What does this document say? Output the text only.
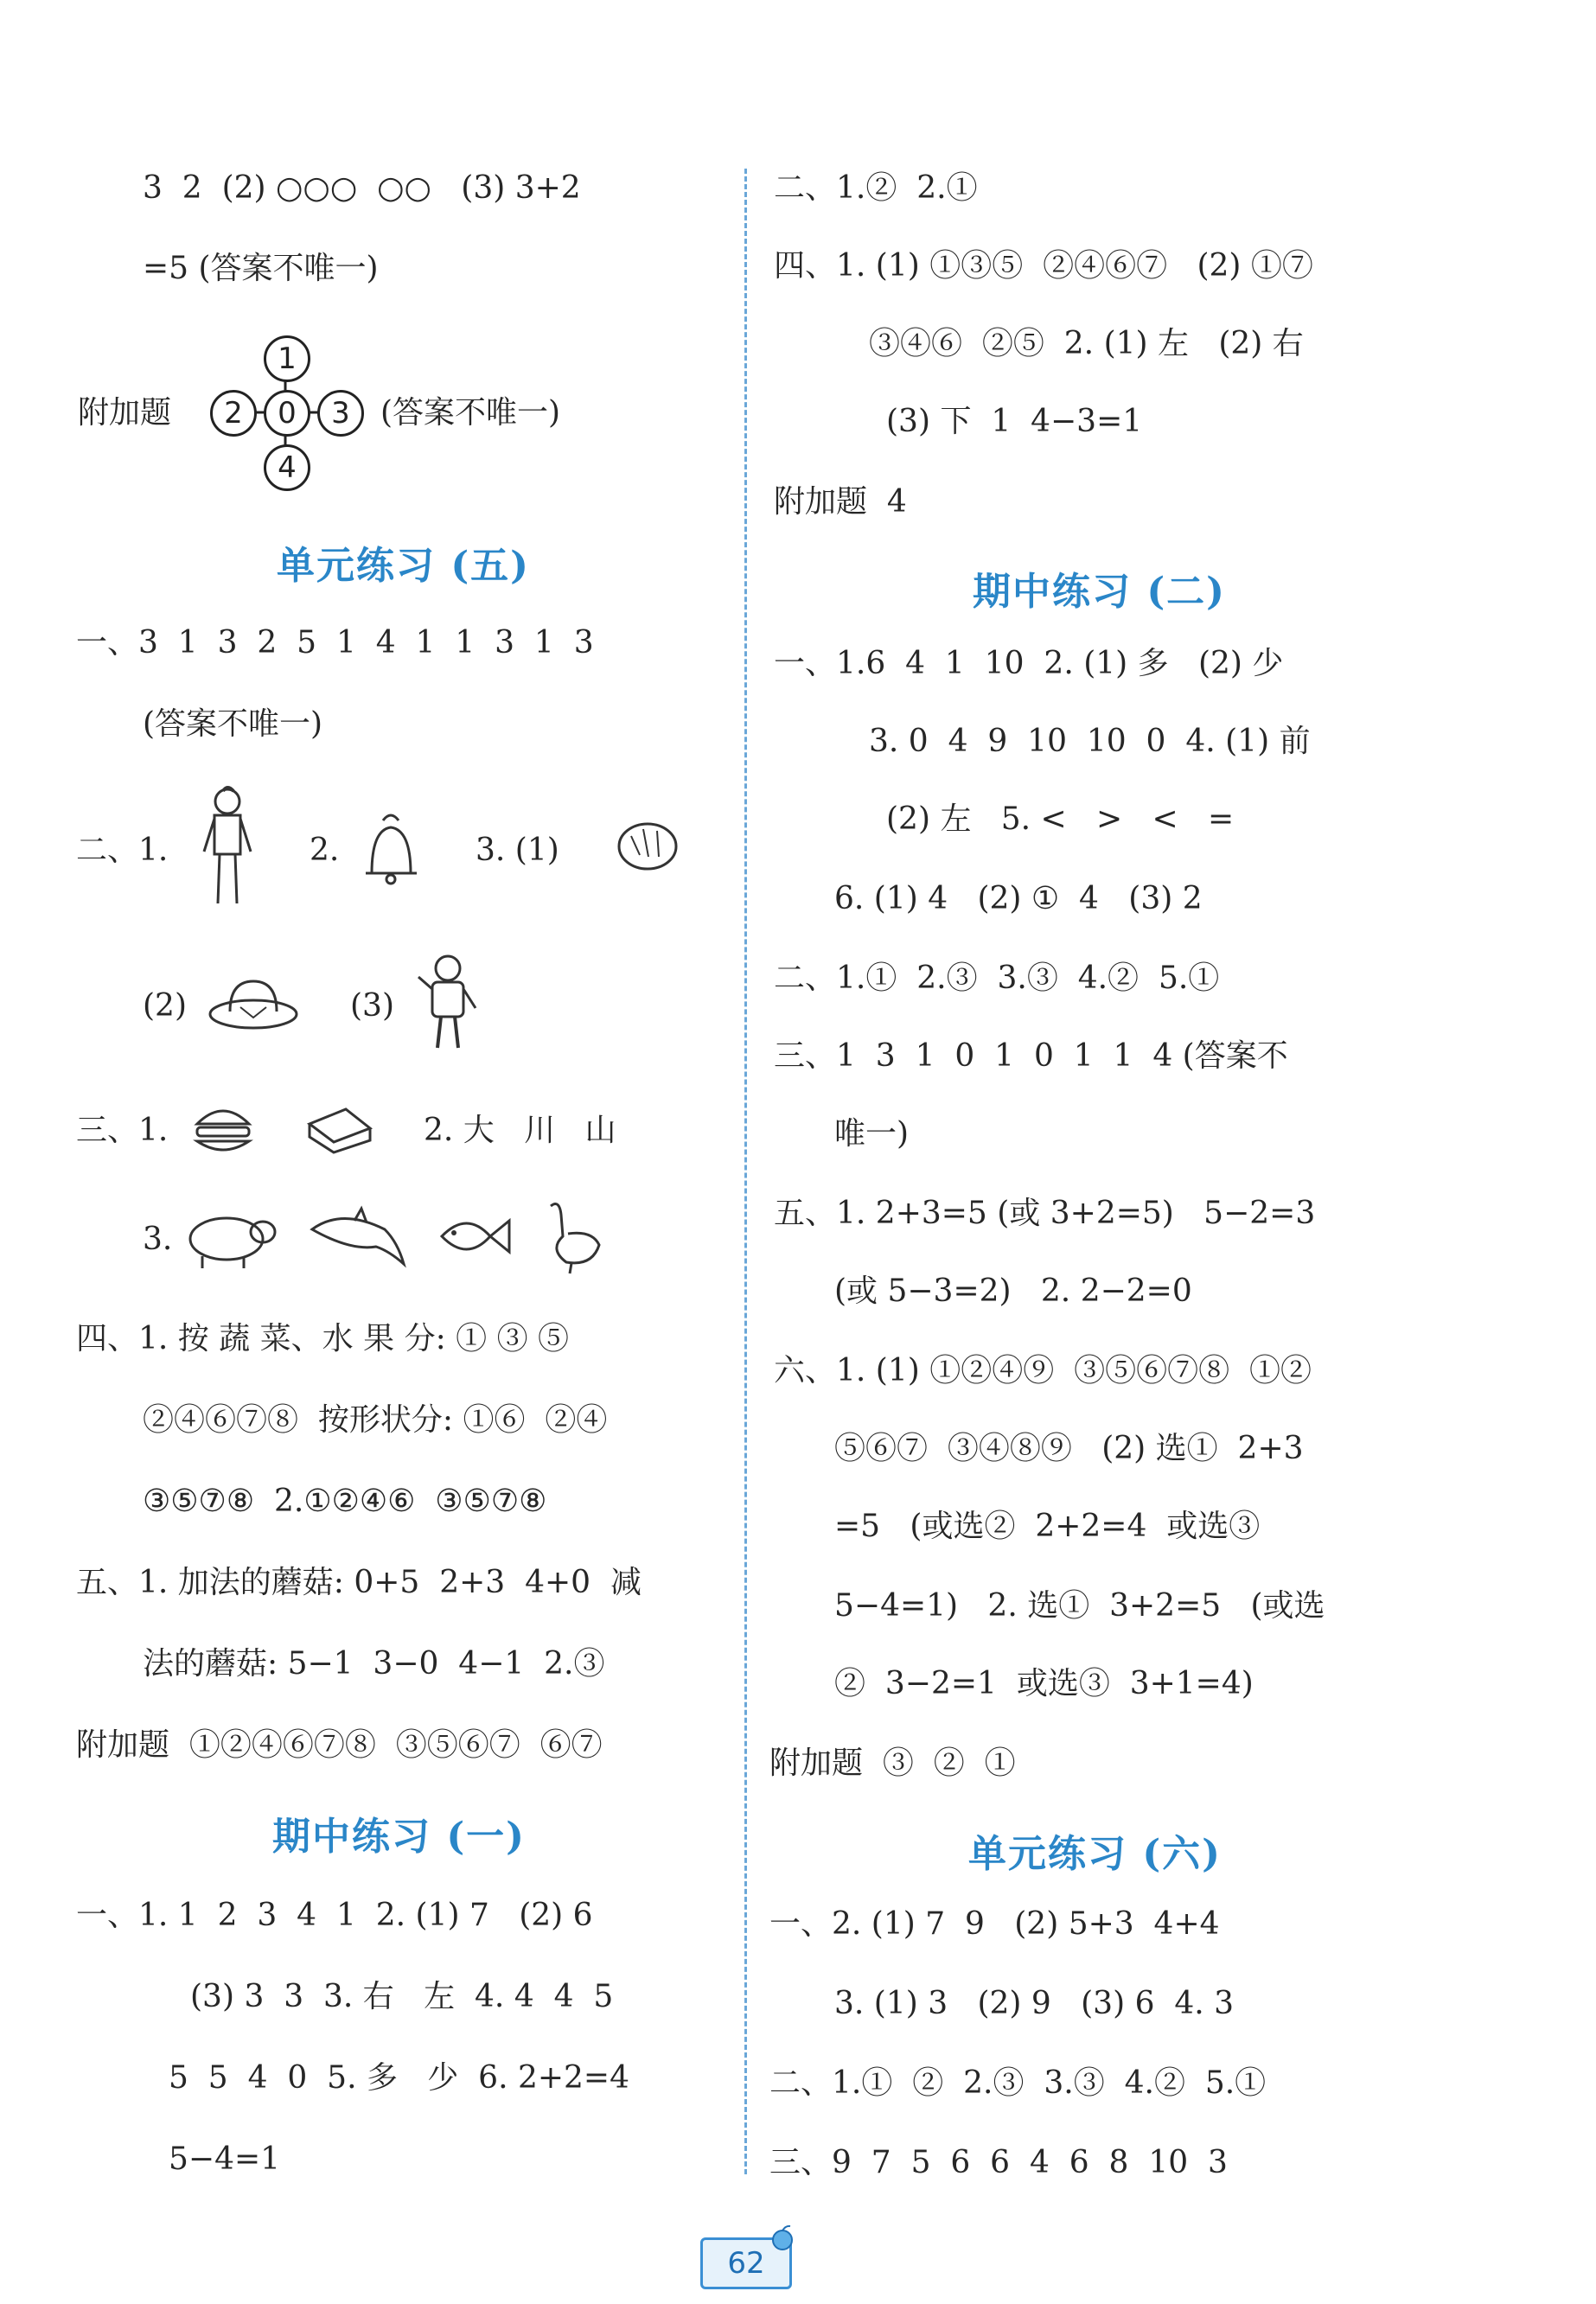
3  2  (2) ○○○  ○○   (3) 3+2
=5 (答案不唯一)
附加题
1
2	0	3
4
(答案不唯一)
单元练习 (五)
一、3  1  3  2  5  1  4  1  1  3  1  3
(答案不唯一)
二、1.	2.	3. (1)
(2)	(3)
三、1.	2. 大   川   山
3.
四、1. 按 蔬 菜、水 果 分: ① ③ ⑤
②④⑥⑦⑧  按形状分: ①⑥  ②④
③⑤⑦⑧  2.①②④⑥  ③⑤⑦⑧
五、1. 加法的蘑菇: 0+5  2+3  4+0  减
法的蘑菇: 5−1  3−0  4−1  2.③
附加题  ①②④⑥⑦⑧  ③⑤⑥⑦  ⑥⑦
期中练习 (一)
一、1. 1  2  3  4  1  2. (1) 7   (2) 6
(3) 3  3  3. 右   左  4. 4  4  5
5  5  4  0  5. 多   少  6. 2+2=4
5−4=1
二、1.②  2.①
四、1. (1) ①③⑤  ②④⑥⑦   (2) ①⑦
③④⑥  ②⑤  2. (1) 左   (2) 右
(3) 下  1  4−3=1
附加题  4
期中练习 (二)
一、1.6  4  1  10  2. (1) 多   (2) 少
3. 0  4  9  10  10  0  4. (1) 前
(2) 左   5. <   >   <   =
6. (1) 4   (2) ①  4   (3) 2
二、1.①  2.③  3.③  4.②  5.①
三、1  3  1  0  1  0  1  1  4 (答案不
唯一)
五、1. 2+3=5 (或 3+2=5)   5−2=3
(或 5−3=2)   2. 2−2=0
六、1. (1) ①②④⑨  ③⑤⑥⑦⑧  ①②
⑤⑥⑦  ③④⑧⑨   (2) 选①  2+3
=5   (或选②  2+2=4  或选③
5−4=1)   2. 选①  3+2=5   (或选
②  3−2=1  或选③  3+1=4)
附加题  ③  ②  ①
单元练习 (六)
一、2. (1) 7  9   (2) 5+3  4+4
3. (1) 3   (2) 9   (3) 6  4. 3
二、1.①  ②  2.③  3.③  4.②  5.①
三、9  7  5  6  6  4  6  8  10  3
62
